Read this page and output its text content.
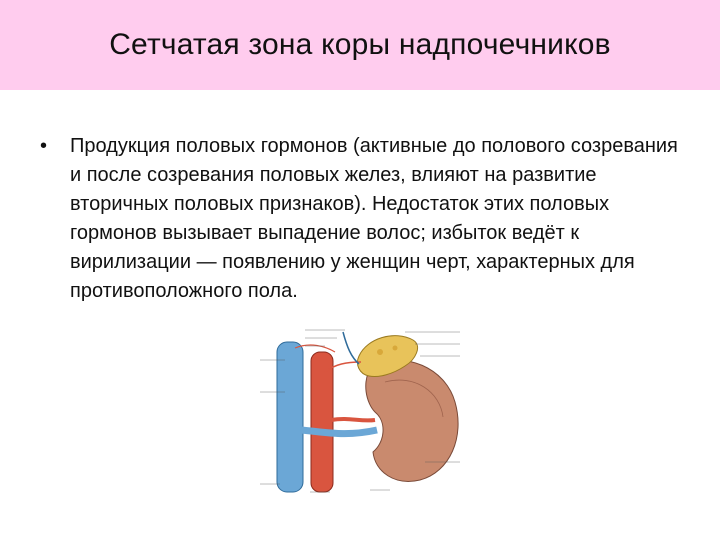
Сетчатая зона коры надпочечников
•	Продукция половых гормонов (активные до полового созревания и после созревания половых желез, влияют на развитие вторичных половых признаков). Недостаток этих половых гормонов вызывает выпадение волос; избыток ведёт к вирилизации — появлению у женщин черт, характерных для противоположного пола.
